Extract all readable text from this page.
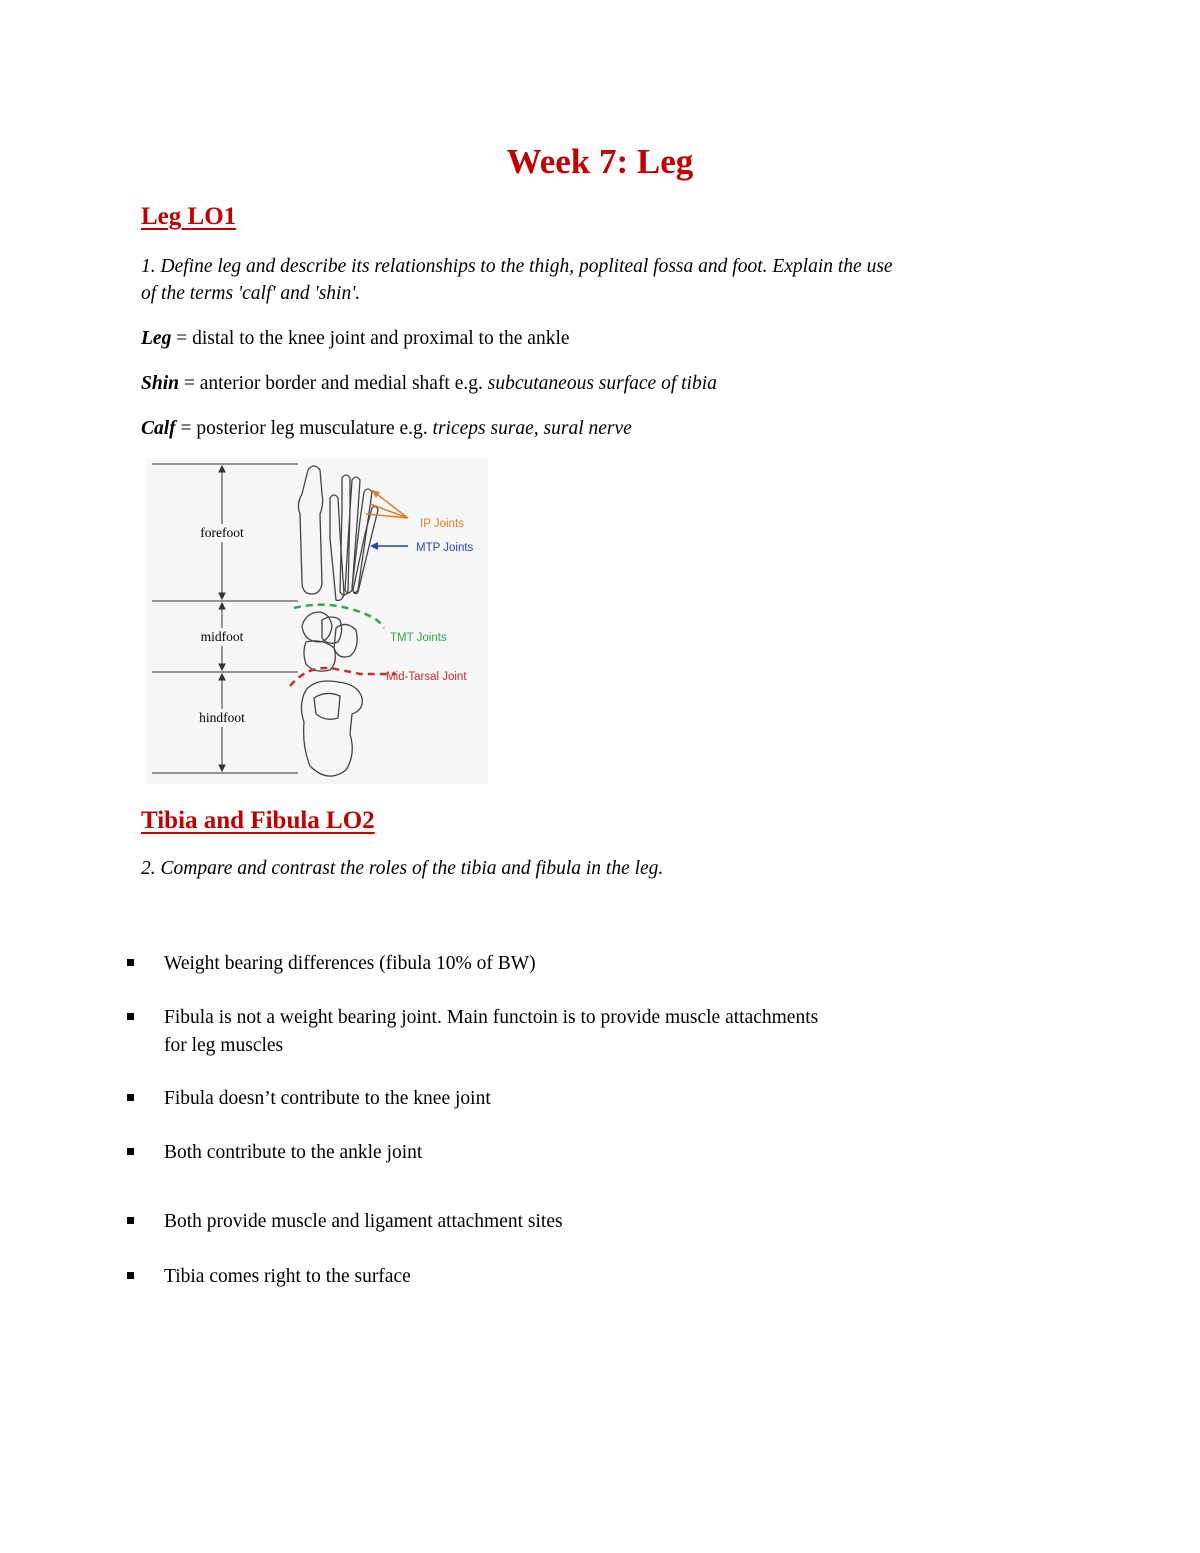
Week 7: Leg
Leg LO1
1. Define leg and describe its relationships to the thigh, popliteal fossa and foot. Explain the use
of the terms 'calf' and 'shin'.
Leg = distal to the knee joint and proximal to the ankle
Shin = anterior border and medial shaft e.g. subcutaneous surface of tibia
Calf = posterior leg musculature e.g. triceps surae, sural nerve
forefoot
midfoot
hindfoot
IP Joints
MTP Joints
TMT Joints
Mid-Tarsal Joint
Tibia and Fibula LO2
2. Compare and contrast the roles of the tibia and fibula in the leg.
Weight bearing differences (fibula 10% of BW)
Fibula is not a weight bearing joint. Main functoin is to provide muscle attachments for leg muscles
Fibula doesn’t contribute to the knee joint
Both contribute to the ankle joint
Both provide muscle and ligament attachment sites
Tibia comes right to the surface
